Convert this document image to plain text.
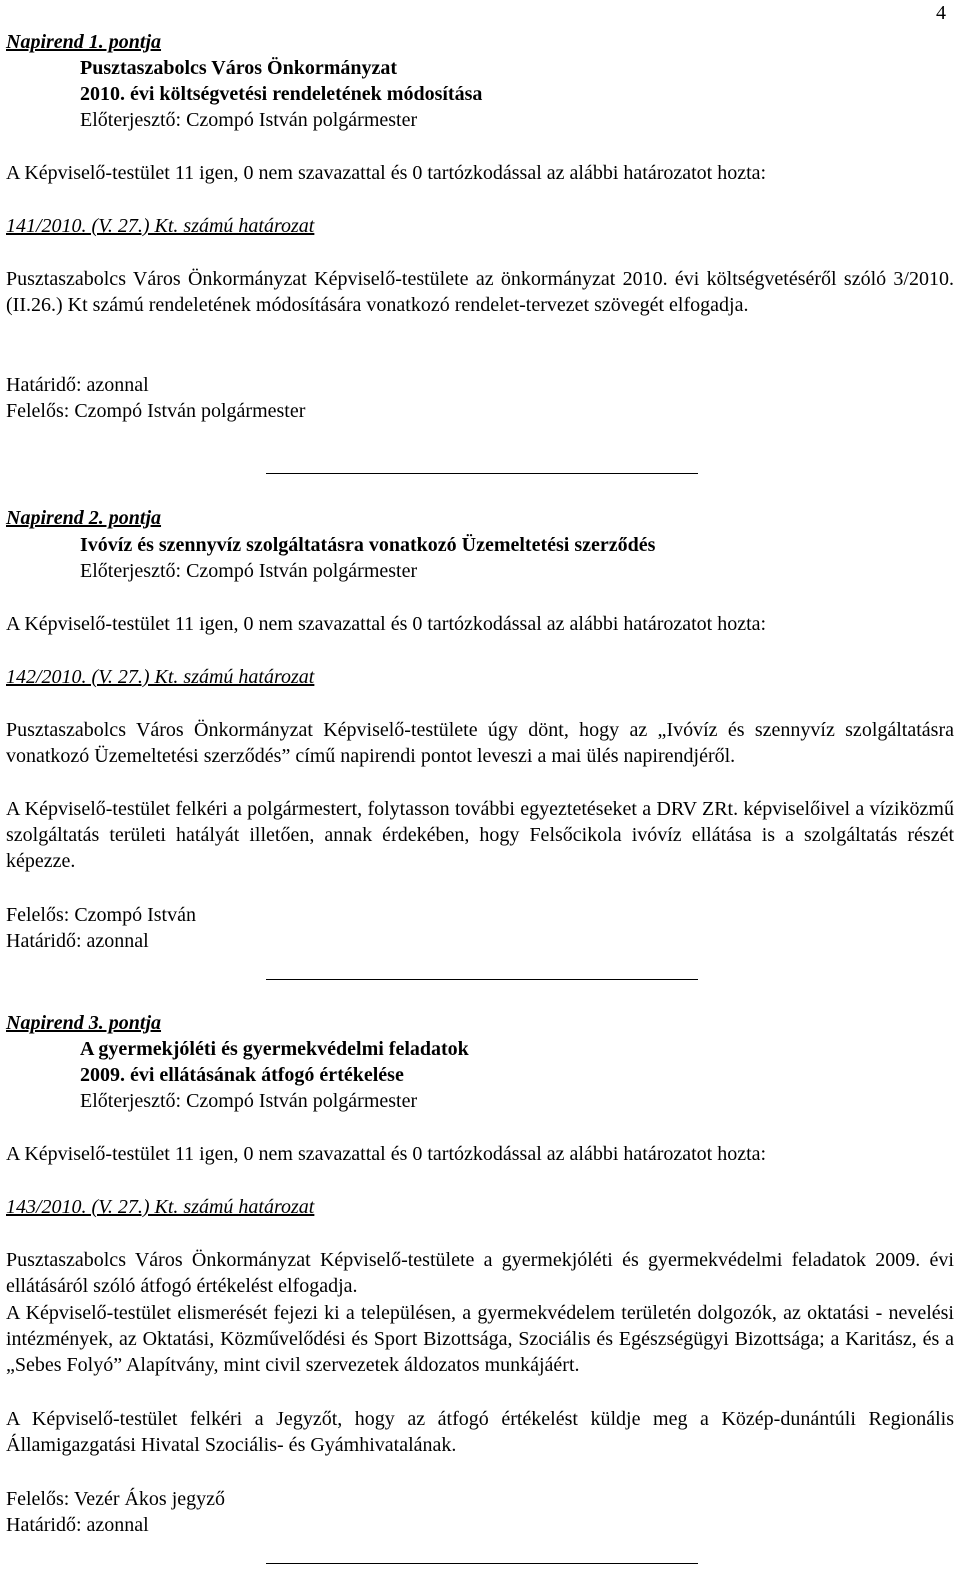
4
Napirend 1. pontja
Pusztaszabolcs Város Önkormányzat
2010. évi költségvetési rendeletének módosítása
Előterjesztő: Czompó István polgármester
A Képviselő-testület 11 igen, 0 nem szavazattal és 0 tartózkodással az alábbi határozatot hozta:
141/2010. (V. 27.) Kt. számú határozat
Pusztaszabolcs Város Önkormányzat Képviselő-testülete az önkormányzat 2010. évi költségvetéséről szóló 3/2010.(II.26.) Kt számú rendeletének módosítására vonatkozó rendelet-tervezet szövegét elfogadja.
Határidő: azonnal
Felelős: Czompó István polgármester
Napirend 2. pontja
Ivóvíz és szennyvíz szolgáltatásra vonatkozó Üzemeltetési szerződés
Előterjesztő: Czompó István polgármester
A Képviselő-testület 11 igen, 0 nem szavazattal és 0 tartózkodással az alábbi határozatot hozta:
142/2010. (V. 27.) Kt. számú határozat
Pusztaszabolcs Város Önkormányzat Képviselő-testülete úgy dönt, hogy az „Ivóvíz és szennyvíz szolgáltatásra vonatkozó Üzemeltetési szerződés” című napirendi pontot leveszi a mai ülés napirendjéről.
A Képviselő-testület felkéri a polgármestert, folytasson további egyeztetéseket a DRV ZRt. képviselőivel a víziközmű szolgáltatás területi hatályát illetően, annak érdekében, hogy Felsőcikola ivóvíz ellátása is a szolgáltatás részét képezze.
Felelős: Czompó István
Határidő: azonnal
Napirend 3. pontja
A gyermekjóléti és gyermekvédelmi feladatok
2009. évi ellátásának átfogó értékelése
Előterjesztő: Czompó István polgármester
A Képviselő-testület 11 igen, 0 nem szavazattal és 0 tartózkodással az alábbi határozatot hozta:
143/2010. (V. 27.) Kt. számú határozat
Pusztaszabolcs Város Önkormányzat Képviselő-testülete a gyermekjóléti és gyermekvédelmi feladatok 2009. évi ellátásáról szóló átfogó értékelést elfogadja.
A Képviselő-testület elismerését fejezi ki a településen, a gyermekvédelem területén dolgozók, az oktatási - nevelési intézmények, az Oktatási, Közművelődési és Sport Bizottsága, Szociális és Egészségügyi Bizottsága; a Karitász, és a „Sebes Folyó” Alapítvány, mint civil szervezetek áldozatos munkájáért.
A Képviselő-testület felkéri a Jegyzőt, hogy az átfogó értékelést küldje meg a Közép-dunántúli Regionális Államigazgatási Hivatal Szociális- és Gyámhivatalának.
Felelős: Vezér Ákos jegyző
Határidő: azonnal
